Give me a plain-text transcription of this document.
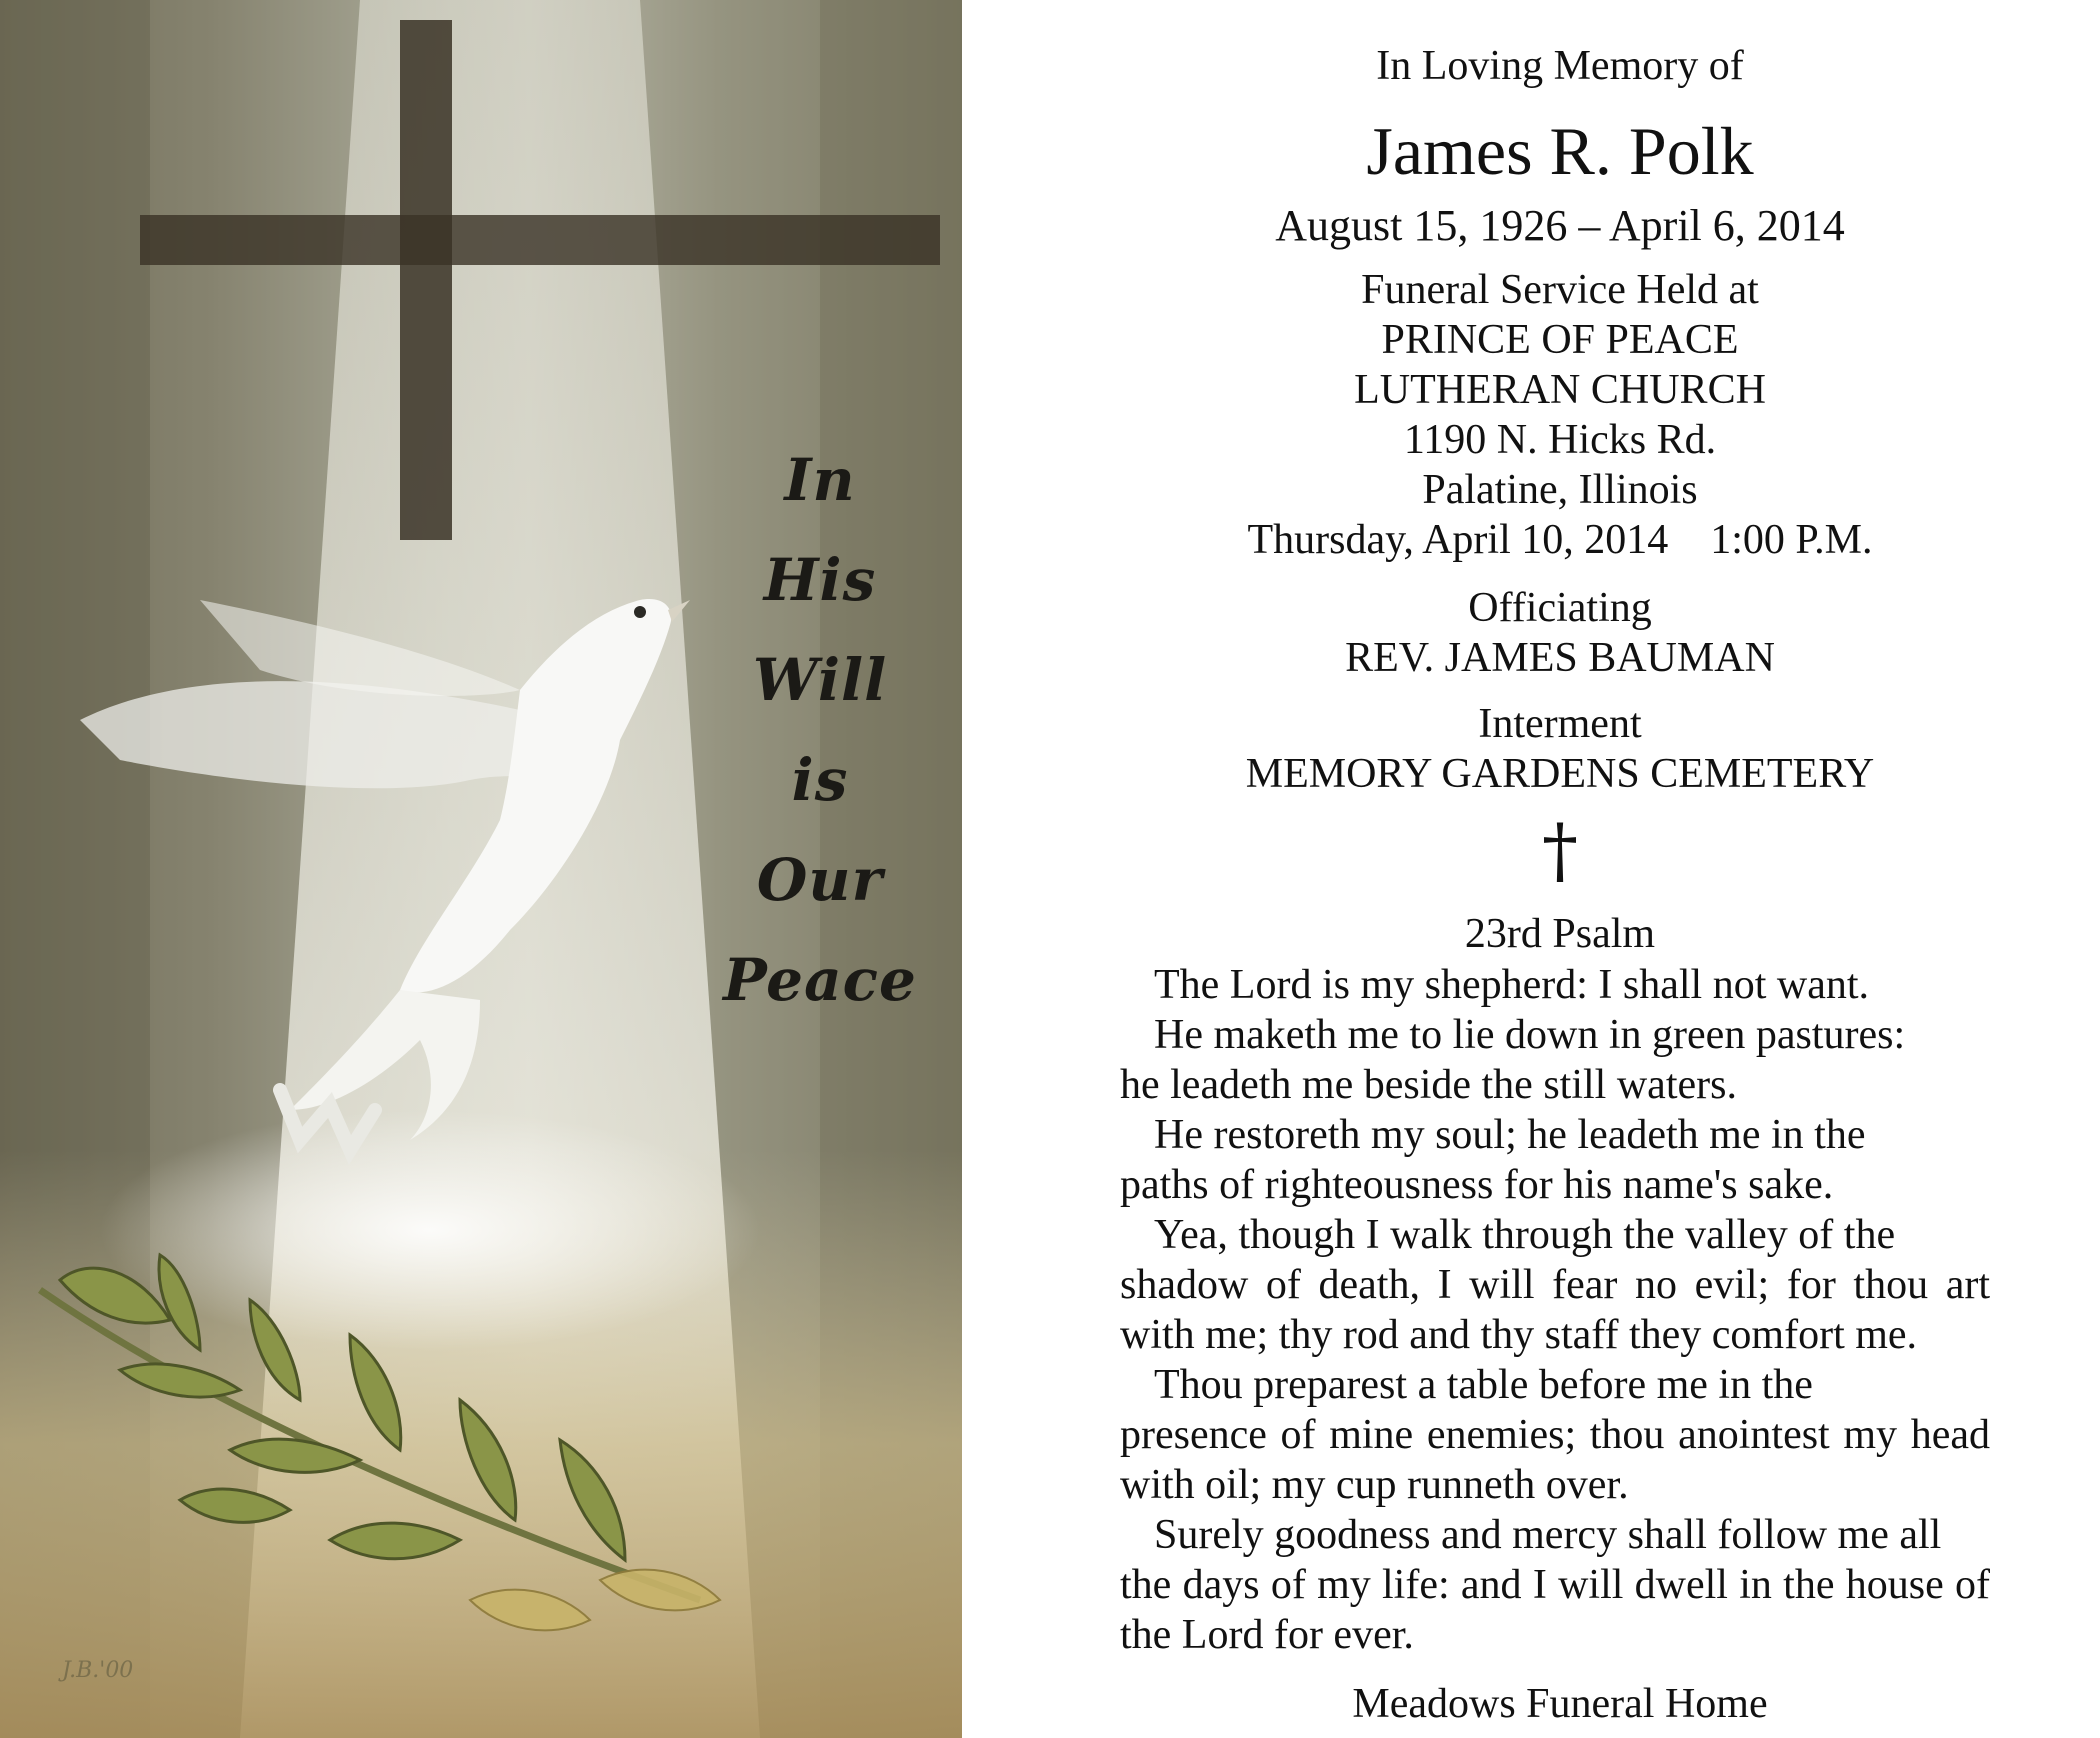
In
His
Will
is
Our
Peace
J.B.'00
In Loving Memory of
James R. Polk
August 15, 1926 – April 6, 2014
Funeral Service Held at
PRINCE OF PEACE
LUTHERAN CHURCH
1190 N. Hicks Rd.
Palatine, Illinois
Thursday, April 10, 2014    1:00 P.M.
Officiating
REV. JAMES BAUMAN
Interment
MEMORY GARDENS CEMETERY
†
23rd Psalm
The Lord is my shepherd: I shall not want.
He maketh me to lie down in green pastures:
he leadeth me beside the still waters.
He restoreth my soul; he leadeth me in the
paths of righteousness for his name's sake.
Yea, though I walk through the valley of the
shadow of death, I will fear no evil; for thou art with me; thy rod and thy staff they comfort me.
Thou preparest a table before me in the
presence of mine enemies; thou anointest my head with oil; my cup runneth over.
Surely goodness and mercy shall follow me all
the days of my life: and I will dwell in the house of the Lord for ever.
Meadows Funeral Home
